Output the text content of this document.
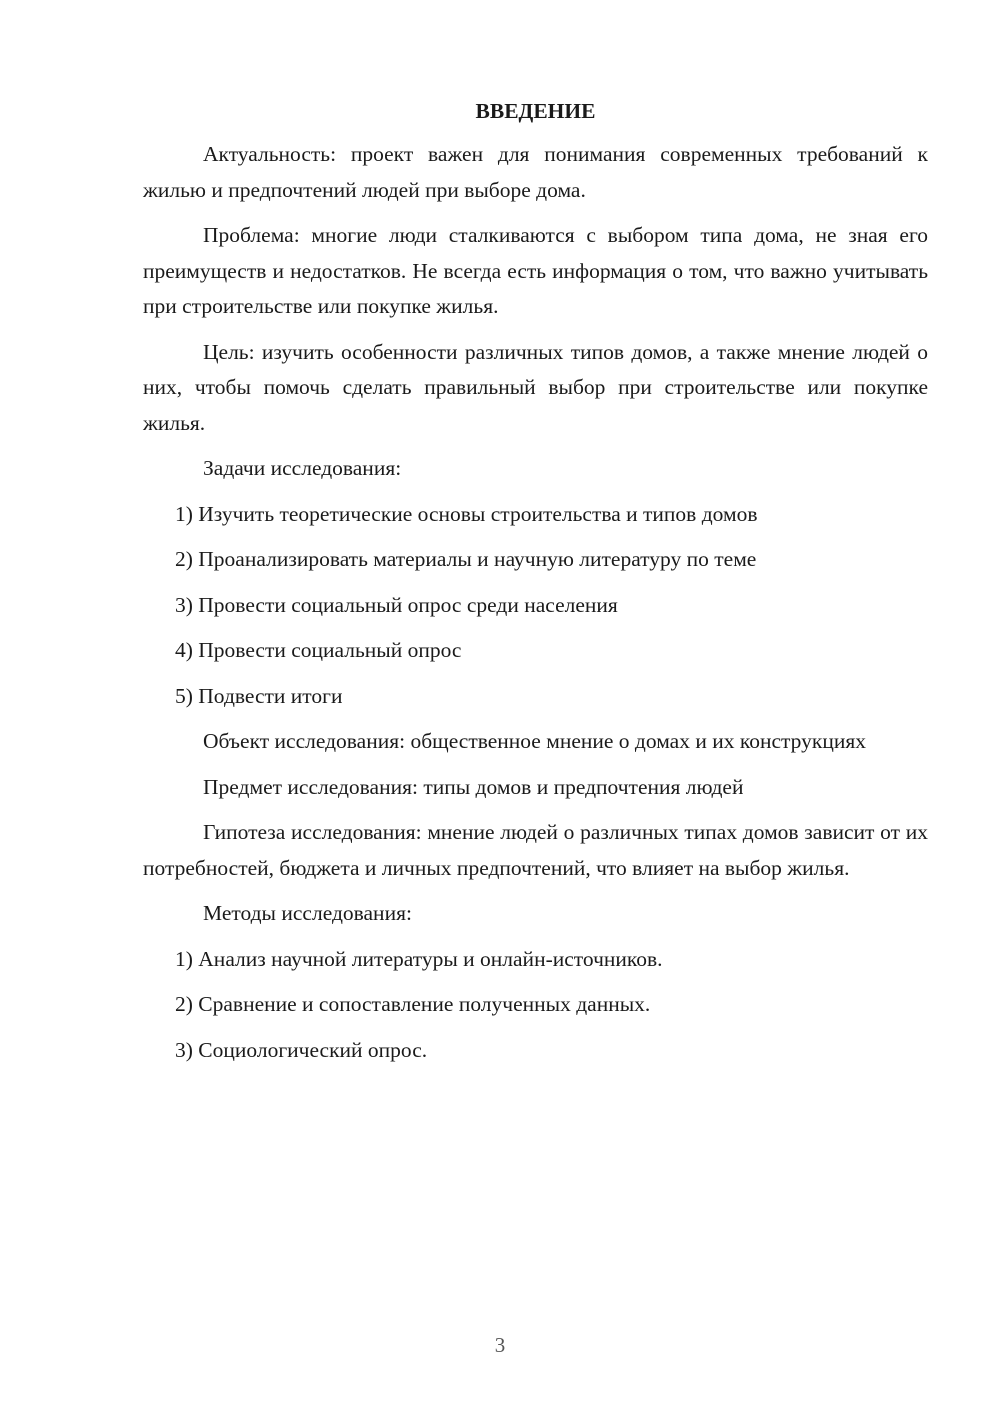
ВВЕДЕНИЕ

Актуальность: проект важен для понимания современных требований к жилью и предпочтений людей при выборе дома.

Проблема: многие люди сталкиваются с выбором типа дома, не зная его преимуществ и недостатков. Не всегда есть информация о том, что важно учитывать при строительстве или покупке жилья.

Цель: изучить особенности различных типов домов, а также мнение людей о них, чтобы помочь сделать правильный выбор при строительстве или покупке жилья.

Задачи исследования:

1) Изучить теоретические основы строительства и типов домов
2) Проанализировать материалы и научную литературу по теме
3) Провести социальный опрос среди населения
4) Провести социальный опрос
5) Подвести итоги

Объект исследования: общественное мнение о домах и их конструкциях

Предмет исследования: типы домов и предпочтения людей

Гипотеза исследования: мнение людей о различных типах домов зависит от их потребностей, бюджета и личных предпочтений, что влияет на выбор жилья.

Методы исследования:

1) Анализ научной литературы и онлайн-источников.
2) Сравнение и сопоставление полученных данных.
3) Социологический опрос.
3
